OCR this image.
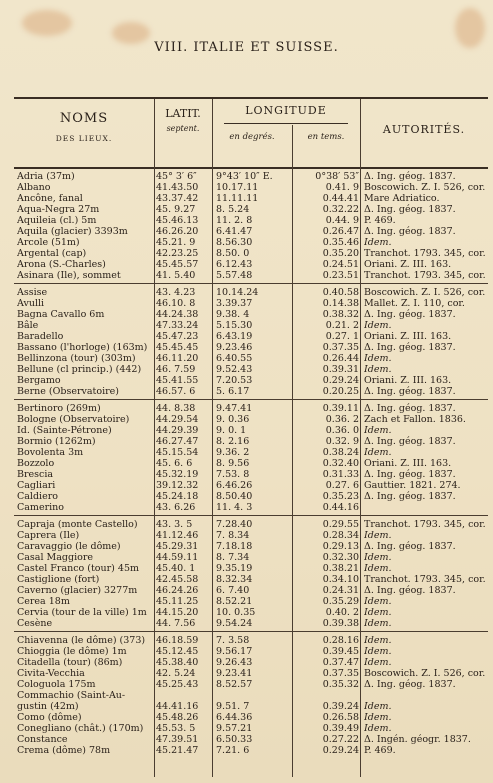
VIII. ITALIE ET SUISSE.
NOMS
DES LIEUX.
LATIT.
septent.
LONGITUDE
en degrés.	en tems.
AUTORITÉS.
Adria (37m)	45° 3′ 6″	9°43′ 10″ E.	0°38′ 53″ Δ. Ing. géog. 1837.
Albano	41.43.50	10.17.11	0.41. 9 Boscowich. Z. I. 526, cor.
Ancône, fanal	43.37.42	11.11.11	0.44.41 Mare Adriatico.
Aqua-Negra 27m	45. 9.27	8. 5.24	0.32.22 Δ. Ing. géog. 1837.
Aquileia (cl.) 5m	45.46.13	11. 2. 8	0.44. 9 P. 469.
Aquila (glacier) 3393m	46.26.20	6.41.47	0.26.47 Δ. Ing. géog. 1837.
Arcole (51m)	45.21. 9	8.56.30	0.35.46 Idem.
Argental (cap)	42.23.25	8.50. 0	0.35.20 Tranchot. 1793. 345, cor.
Arona (S.-Charles)	45.45.57	6.12.43	0.24.51 Oriani. Z. III. 163.
Asinara (Ile), sommet	41. 5.40	5.57.48	0.23.51 Tranchot. 1793. 345, cor.
Assise	43. 4.23	10.14.24	0.40.58 Boscowich. Z. I. 526, cor.
Avulli	46.10. 8	3.39.37	0.14.38 Mallet. Z. I. 110, cor.
Bagna Cavallo 6m	44.24.38	9.38. 4	0.38.32 Δ. Ing. géog. 1837.
Bâle	47.33.24	5.15.30	0.21. 2 Idem.
Baradello	45.47.23	6.43.19	0.27. 1 Oriani. Z. III. 163.
Bassano (l'horloge) (163m) 45.45.45	9.23.46	0.37.35 Δ. Ing. géog. 1837.
Bellinzona (tour) (303m)	46.11.20	6.40.55	0.26.44 Idem.
Bellune (cl princip.) (442)	46. 7.59	9.52.43	0.39.31 Idem.
Bergamo	45.41.55	7.20.53	0.29.24 Oriani. Z. III. 163.
Berne (Observatoire)	46.57. 6	5. 6.17	0.20.25 Δ. Ing. géog. 1837.
Bertinoro (269m)	44. 8.38	9.47.41	0.39.11 Δ. Ing. géog. 1837.
Bologne (Observatoire)	44.29.54	9. 0.36	0.36. 2 Zach et Fallon. 1836.
Id. (Sainte-Pétrone)	44.29.39	9. 0. 1	0.36. 0 Idem.
Bormio (1262m)	46.27.47	8. 2.16	0.32. 9 Δ. Ing. géog. 1837.
Bovolenta 3m	45.15.54	9.36. 2	0.38.24 Idem.
Bozzolo	45. 6. 6	8. 9.56	0.32.40 Oriani. Z. III. 163.
Brescia	45.32.19	7.53. 8	0.31.33 Δ. Ing. géog. 1837.
Cagliari	39.12.32	6.46.26	0.27. 6 Gauttier. 1821. 274.
Caldiero	45.24.18	8.50.40	0.35.23 Δ. Ing. géog. 1837.
Camerino	43. 6.26	11. 4. 3	0.44.16
Capraja (monte Castello)	43. 3. 5	7.28.40	0.29.55 Tranchot. 1793. 345, cor.
Caprera (Ile)	41.12.46	7. 8.34	0.28.34 Idem.
Caravaggio (le dôme)	45.29.31	7.18.18	0.29.13 Δ. Ing. géog. 1837.
Casal Maggiore	44.59.11	8. 7.34	0.32.30 Idem.
Castel Franco (tour) 45m	45.40. 1	9.35.19	0.38.21 Idem.
Castiglione (fort)	42.45.58	8.32.34	0.34.10 Tranchot. 1793. 345, cor.
Caverno (glacier) 3277m	46.24.26	6. 7.40	0.24.31 Δ. Ing. géog. 1837.
Cerea 18m	45.11.25	8.52.21	0.35.29 Idem.
Cervia (tour de la ville) 1m 44.15.20	10. 0.35	0.40. 2 Idem.
Cesène	44. 7.56	9.54.24	0.39.38 Idem.
Chiavenna (le dôme) (373)	46.18.59	7. 3.58	0.28.16 Idem.
Chioggia (le dôme) 1m	45.12.45	9.56.17	0.39.45 Idem.
Citadella (tour) (86m)	45.38.40	9.26.43	0.37.47 Idem.
Civita-Vecchia	42. 5.24	9.23.41	0.37.35 Boscowich. Z. I. 526, cor.
Cologuola 175m	45.25.43	8.52.57	0.35.32 Δ. Ing. géog. 1837.
Commachio (Saint-Au-
gustin (42m)	44.41.16	9.51. 7	0.39.24 Idem.
Como (dôme)	45.48.26	6.44.36	0.26.58 Idem.
Conegliano (chât.) (170m)	45.53. 5	9.57.21	0.39.49 Idem.
Constance	47.39.51	6.50.33	0.27.22 Δ. Ingén. géogr. 1837.
Crema (dôme) 78m	45.21.47	7.21. 6	0.29.24 P. 469.
